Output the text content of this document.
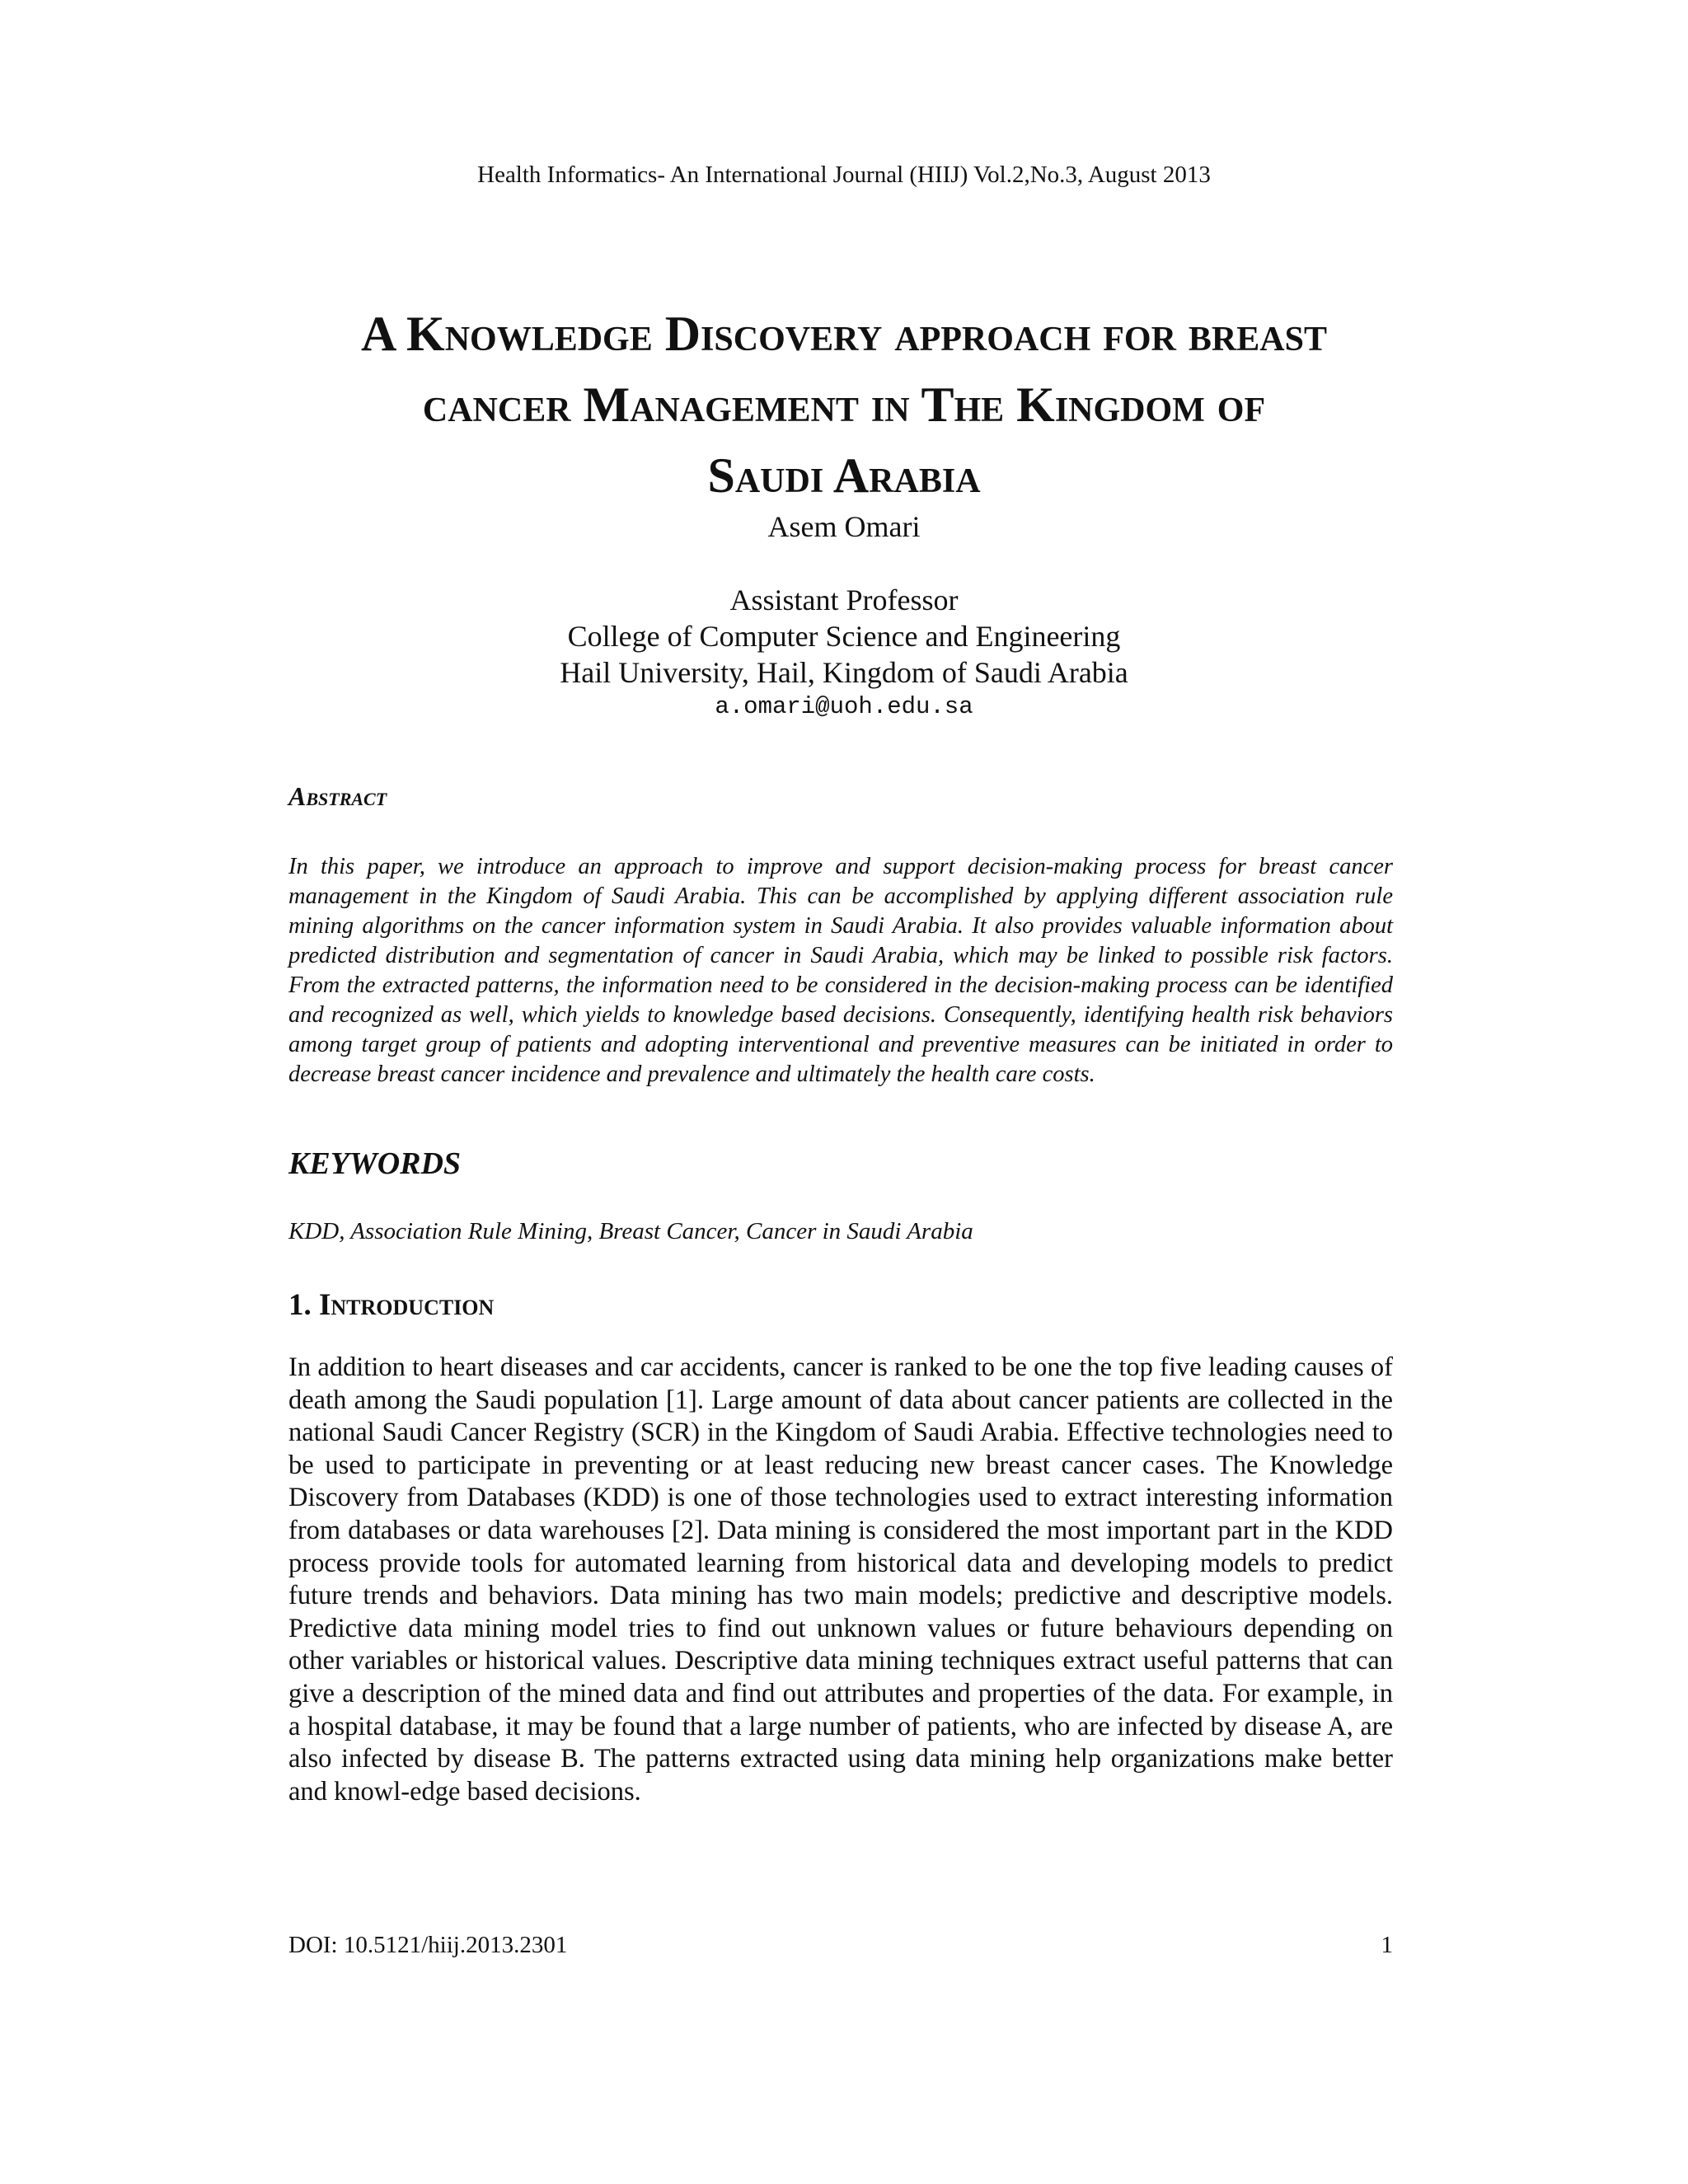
Health Informatics- An International Journal (HIIJ) Vol.2,No.3, August 2013
A Knowledge Discovery approach for breast
cancer Management in The Kingdom of
Saudi Arabia
Asem Omari
Assistant Professor
College of Computer Science and Engineering
Hail University, Hail, Kingdom of Saudi Arabia
a.omari@uoh.edu.sa
Abstract

In this paper, we introduce an approach to improve and support decision-making process for breast cancer management in the Kingdom of Saudi Arabia. This can be accomplished by applying different association rule mining algorithms on the cancer information system in Saudi Arabia. It also provides valuable information about predicted distribution and segmentation of cancer in Saudi Arabia, which may be linked to possible risk factors. From the extracted patterns, the information need to be considered in the decision-making process can be identified and recognized as well, which yields to knowledge based decisions. Consequently, identifying health risk behaviors among target group of patients and adopting interventional and preventive measures can be initiated in order to decrease breast cancer incidence and prevalence and ultimately the health care costs.

KEYWORDS

KDD, Association Rule Mining, Breast Cancer, Cancer in Saudi Arabia

1. Introduction

In addition to heart diseases and car accidents, cancer is ranked to be one the top five leading causes of death among the Saudi population [1]. Large amount of data about cancer patients are collected in the national Saudi Cancer Registry (SCR) in the Kingdom of Saudi Arabia. Effective technologies need to be used to participate in preventing or at least reducing new breast cancer cases. The Knowledge Discovery from Databases (KDD) is one of those technologies used to extract interesting information from databases or data warehouses [2]. Data mining is considered the most important part in the KDD process provide tools for automated learning from historical data and developing models to predict future trends and behaviors. Data mining has two main models; predictive and descriptive models. Predictive data mining model tries to find out unknown values or future behaviours depending on other variables or historical values. Descriptive data mining techniques extract useful patterns that can give a description of the mined data and find out attributes and properties of the data. For example, in a hospital database, it may be found that a large number of patients, who are infected by disease A, are also infected by disease B. The patterns extracted using data mining help organizations make better and knowl-edge based decisions.

DOI: 10.5121/hiij.2013.2301	1
